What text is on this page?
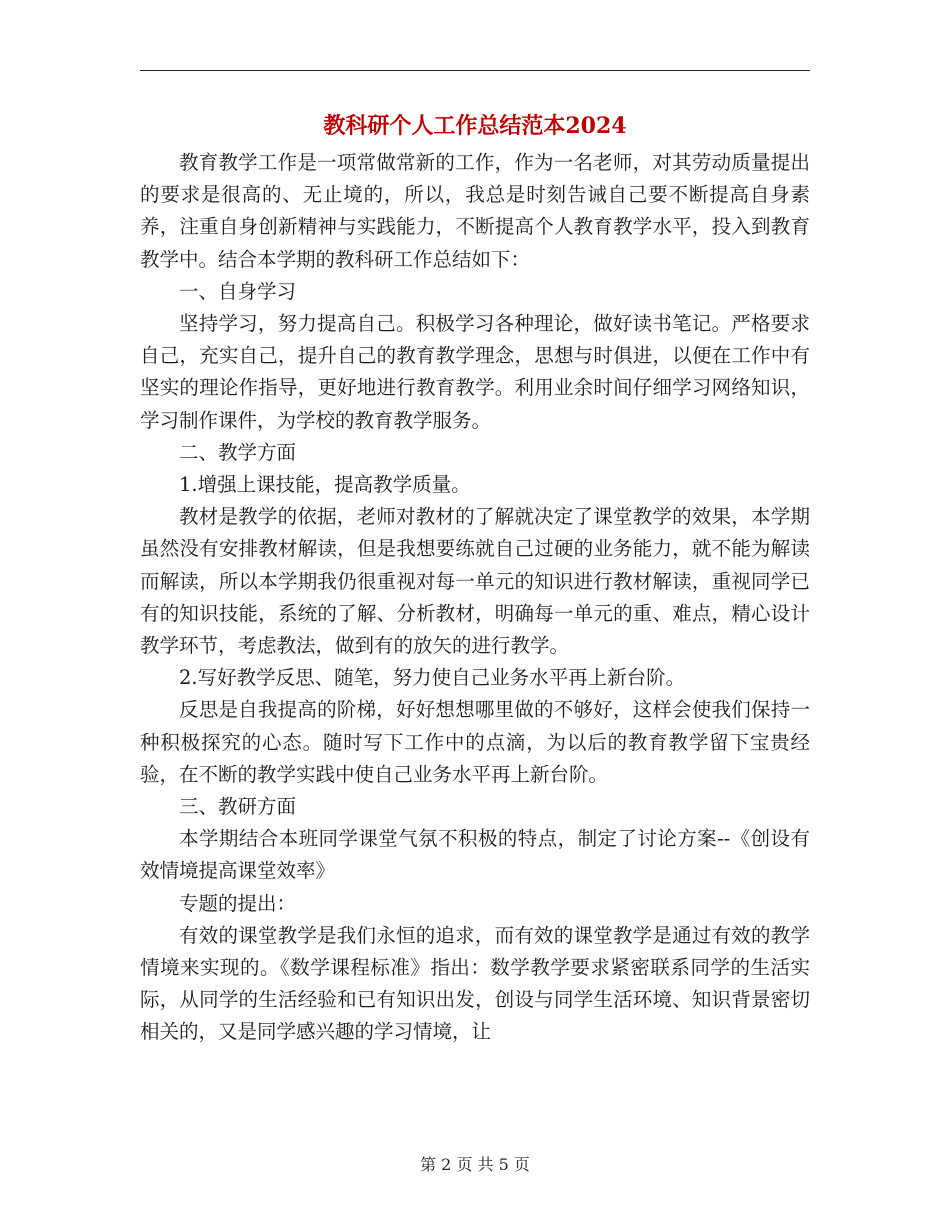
教科研个人工作总结范本2024

教育教学工作是一项常做常新的工作，作为一名老师，对其劳动质量提出的要求是很高的、无止境的，所以，我总是时刻告诫自己要不断提高自身素养，注重自身创新精神与实践能力，不断提高个人教育教学水平，投入到教育教学中。结合本学期的教科研工作总结如下：

一、自身学习

坚持学习，努力提高自己。积极学习各种理论，做好读书笔记。严格要求自己，充实自己，提升自己的教育教学理念，思想与时俱进，以便在工作中有坚实的理论作指导，更好地进行教育教学。利用业余时间仔细学习网络知识，学习制作课件，为学校的教育教学服务。

二、教学方面

1.增强上课技能，提高教学质量。

教材是教学的依据，老师对教材的了解就决定了课堂教学的效果，本学期虽然没有安排教材解读，但是我想要练就自己过硬的业务能力，就不能为解读而解读，所以本学期我仍很重视对每一单元的知识进行教材解读，重视同学已有的知识技能，系统的了解、分析教材，明确每一单元的重、难点，精心设计教学环节，考虑教法，做到有的放矢的进行教学。

2.写好教学反思、随笔，努力使自己业务水平再上新台阶。

反思是自我提高的阶梯，好好想想哪里做的不够好，这样会使我们保持一种积极探究的心态。随时写下工作中的点滴，为以后的教育教学留下宝贵经验，在不断的教学实践中使自己业务水平再上新台阶。

三、教研方面

本学期结合本班同学课堂气氛不积极的特点，制定了讨论方案--《创设有效情境提高课堂效率》

专题的提出：

有效的课堂教学是我们永恒的追求，而有效的课堂教学是通过有效的教学情境来实现的。《数学课程标准》指出：数学教学要求紧密联系同学的生活实际，从同学的生活经验和已有知识出发，创设与同学生活环境、知识背景密切相关的，又是同学感兴趣的学习情境，让

第 2 页 共 5 页
